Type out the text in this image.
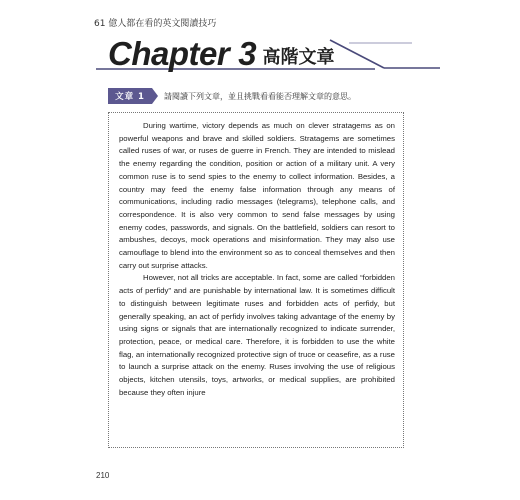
61 億人都在看的英文閱讀技巧
Chapter 3 高階文章
文章 1	請閱讀下列文章，並且挑戰看看能否理解文章的意思。

During wartime, victory depends as much on clever stratagems as on powerful weapons and brave and skilled soldiers. Stratagems are sometimes called ruses of war, or ruses de guerre in French. They are intended to mislead the enemy regarding the condition, position or action of a military unit. A very common ruse is to send spies to the enemy to collect information. Besides, a country may feed the enemy false information through any means of communications, including radio messages (telegrams), telephone calls, and correspondence. It is also very common to send false messages by using enemy codes, passwords, and signals. On the battlefield, soldiers can resort to ambushes, decoys, mock operations and misinformation. They may also use camouflage to blend into the environment so as to conceal themselves and then carry out surprise attacks.

However, not all tricks are acceptable. In fact, some are called “forbidden acts of perfidy” and are punishable by international law. It is sometimes difficult to distinguish between legitimate ruses and forbidden acts of perfidy, but generally speaking, an act of perfidy involves taking advantage of the enemy by using signs or signals that are internationally recognized to indicate surrender, protection, peace, or medical care. Therefore, it is forbidden to use the white flag, an internationally recognized protective sign of truce or ceasefire, as a ruse to launch a surprise attack on the enemy. Ruses involving the use of religious objects, kitchen utensils, toys, artworks, or medical supplies, are prohibited because they often injure

210
